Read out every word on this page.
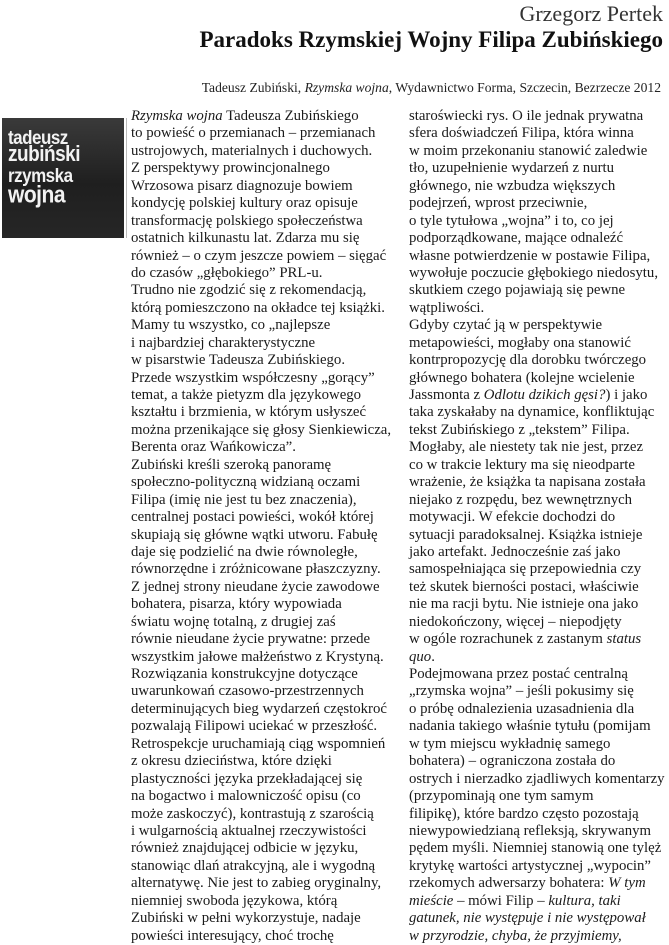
Grzegorz Pertek
Paradoks Rzymskiej Wojny Filipa Zubińskiego
Tadeusz Zubiński, Rzymska wojna, Wydawnictwo Forma, Szczecin, Bezrzecze 2012
tadeusz
zubiński
rzymska
wojna
Rzymska wojna Tadeusza Zubińskiego
to powieść o przemianach – przemianach
ustrojowych, materialnych i duchowych.
Z perspektywy prowincjonalnego
Wrzosowa pisarz diagnozuje bowiem
kondycję polskiej kultury oraz opisuje
transformację polskiego społeczeństwa
ostatnich kilkunastu lat. Zdarza mu się
również – o czym jeszcze powiem – sięgać
do czasów „głębokiego” PRL-u.
Trudno nie zgodzić się z rekomendacją,
którą pomieszczono na okładce tej książki.
Mamy tu wszystko, co „najlepsze
i najbardziej charakterystyczne
w pisarstwie Tadeusza Zubińskiego.
Przede wszystkim współczesny „gorący”
temat, a także pietyzm dla językowego
kształtu i brzmienia, w którym usłyszeć
można przenikające się głosy Sienkiewicza,
Berenta oraz Wańkowicza”.
Zubiński kreśli szeroką panoramę
społeczno-polityczną widzianą oczami
Filipa (imię nie jest tu bez znaczenia),
centralnej postaci powieści, wokół której
skupiają się główne wątki utworu. Fabułę
daje się podzielić na dwie równoległe,
równorzędne i zróżnicowane płaszczyzny.
Z jednej strony nieudane życie zawodowe
bohatera, pisarza, który wypowiada
światu wojnę totalną, z drugiej zaś
równie nieudane życie prywatne: przede
wszystkim jałowe małżeństwo z Krystyną.
Rozwiązania konstrukcyjne dotyczące
uwarunkowań czasowo-przestrzennych
determinujących bieg wydarzeń częstokroć
pozwalają Filipowi uciekać w przeszłość.
Retrospekcje uruchamiają ciąg wspomnień
z okresu dzieciństwa, które dzięki
plastyczności języka przekładającej się
na bogactwo i malowniczość opisu (co
może zaskoczyć), kontrastują z szarością
i wulgarnością aktualnej rzeczywistości
również znajdującej odbicie w języku,
stanowiąc dlań atrakcyjną, ale i wygodną
alternatywę. Nie jest to zabieg oryginalny,
niemniej swoboda językowa, którą
Zubiński w pełni wykorzystuje, nadaje
powieści interesujący, choć trochę
staroświecki rys. O ile jednak prywatna
sfera doświadczeń Filipa, która winna
w moim przekonaniu stanowić zaledwie
tło, uzupełnienie wydarzeń z nurtu
głównego, nie wzbudza większych
podejrzeń, wprost przeciwnie,
o tyle tytułowa „wojna” i to, co jej
podporządkowane, mające odnaleźć
własne potwierdzenie w postawie Filipa,
wywołuje poczucie głębokiego niedosytu,
skutkiem czego pojawiają się pewne
wątpliwości.
Gdyby czytać ją w perspektywie
metapowieści, mogłaby ona stanowić
kontrpropozycję dla dorobku twórczego
głównego bohatera (kolejne wcielenie
Jassmonta z Odlotu dzikich gęsi?) i jako
taka zyskałaby na dynamice, konfliktując
tekst Zubińskiego z „tekstem” Filipa.
Mogłaby, ale niestety tak nie jest, przez
co w trakcie lektury ma się nieodparte
wrażenie, że książka ta napisana została
niejako z rozpędu, bez wewnętrznych
motywacji. W efekcie dochodzi do
sytuacji paradoksalnej. Książka istnieje
jako artefakt. Jednocześnie zaś jako
samospełniająca się przepowiednia czy
też skutek bierności postaci, właściwie
nie ma racji bytu. Nie istnieje ona jako
niedokończony, więcej – niepodjęty
w ogóle rozrachunek z zastanym status
quo.
Podejmowana przez postać centralną
„rzymska wojna” – jeśli pokusimy się
o próbę odnalezienia uzasadnienia dla
nadania takiego właśnie tytułu (pomijam
w tym miejscu wykładnię samego
bohatera) – ograniczona została do
ostrych i nierzadko zjadliwych komentarzy
(przypominają one tym samym
filipikę), które bardzo często pozostają
niewypowiedzianą refleksją, skrywanym
pędem myśli. Niemniej stanowią one tylęż
krytykę wartości artystycznej „wypocin”
rzekomych adwersarzy bohatera: W tym
mieście – mówi Filip – kultura, taki
gatunek, nie występuje i nie występował
w przyrodzie, chyba, że przyjmiemy,
